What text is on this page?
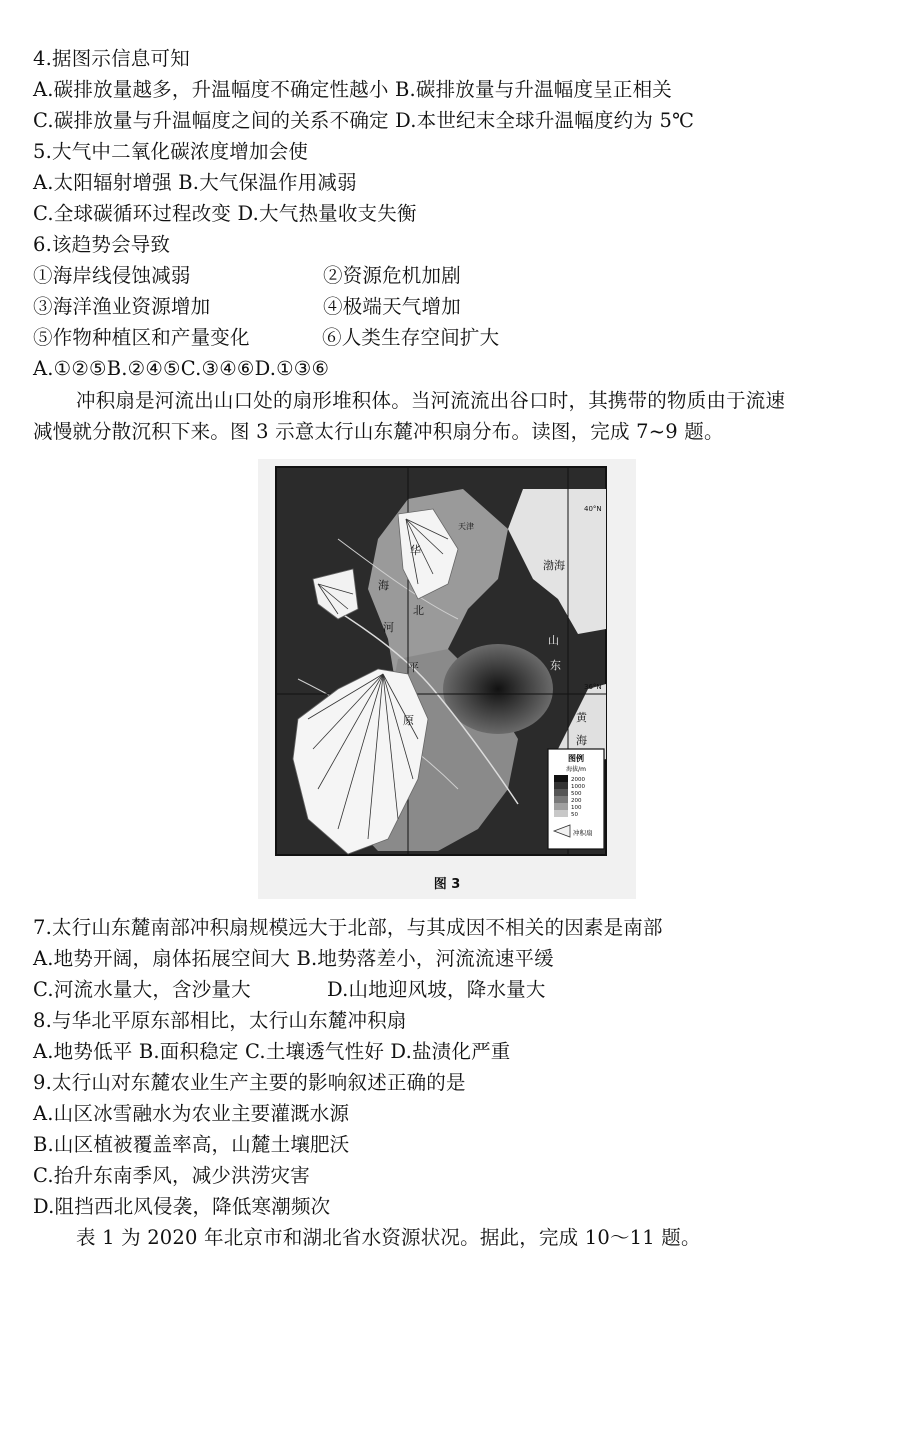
4.据图示信息可知
A.碳排放量越多，升温幅度不确定性越小 B.碳排放量与升温幅度呈正相关
C.碳排放量与升温幅度之间的关系不确定 D.本世纪末全球升温幅度约为 5℃
5.大气中二氧化碳浓度增加会使
A.太阳辐射增强 B.大气保温作用减弱
C.全球碳循环过程改变 D.大气热量收支失衡
6.该趋势会导致
①海岸线侵蚀减弱	②资源危机加剧
③海洋渔业资源增加	④极端天气增加
⑤作物种植区和产量变化	⑥人类生存空间扩大
A.①②⑤B.②④⑤C.③④⑥D.①③⑥
冲积扇是河流出山口处的扇形堆积体。当河流流出谷口时，其携带的物质由于流速
减慢就分散沉积下来。图 3 示意太行山东麓冲积扇分布。读图，完成 7~9 题。
华
北
平
原
天津
海
河
渤海
山
东
黄
海
40°N
36°N
图例
海拔/m
2000
1000
500
200
100
50
冲积扇
图 3
7.太行山东麓南部冲积扇规模远大于北部，与其成因不相关的因素是南部
A.地势开阔，扇体拓展空间大 B.地势落差小，河流流速平缓
C.河流水量大，含沙量大	D.山地迎风坡，降水量大
8.与华北平原东部相比，太行山东麓冲积扇
A.地势低平 B.面积稳定 C.土壤透气性好 D.盐渍化严重
9.太行山对东麓农业生产主要的影响叙述正确的是
A.山区冰雪融水为农业主要灌溉水源
B.山区植被覆盖率高，山麓土壤肥沃
C.抬升东南季风，减少洪涝灾害
D.阻挡西北风侵袭，降低寒潮频次
表 1 为 2020 年北京市和湖北省水资源状况。据此，完成 10～11 题。
